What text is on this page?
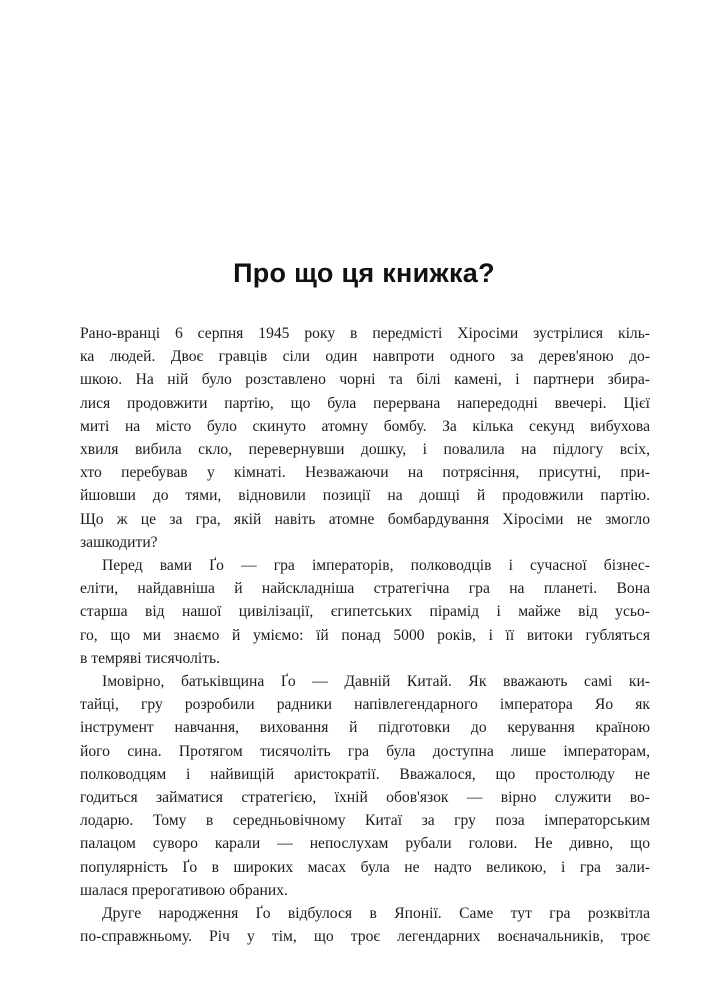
Про що ця книжка?

Рано-вранці 6 серпня 1945 року в передмісті Хіросіми зустрілися кіль-
ка людей. Двоє гравців сіли один навпроти одного за дерев'яною до-
шкою. На ній було розставлено чорні та білі камені, і партнери збира-
лися продовжити партію, що була перервана напередодні ввечері. Цієї
миті на місто було скинуто атомну бомбу. За кілька секунд вибухова
хвиля вибила скло, перевернувши дошку, і повалила на підлогу всіх,
хто перебував у кімнаті. Незважаючи на потрясіння, присутні, при-
йшовши до тями, відновили позиції на дошці й продовжили партію.
Що ж це за гра, якій навіть атомне бомбардування Хіросіми не змогло
зашкодити?

Перед вами Ґо — гра імператорів, полководців і сучасної бізнес-
еліти, найдавніша й найскладніша стратегічна гра на планеті. Вона
старша від нашої цивілізації, єгипетських пірамід і майже від усьо-
го, що ми знаємо й уміємо: їй понад 5000 років, і її витоки губляться
в темряві тисячоліть.

Імовірно, батьківщина Ґо — Давній Китай. Як вважають самі ки-
тайці, гру розробили радники напівлегендарного імператора Яо як
інструмент навчання, виховання й підготовки до керування країною
його сина. Протягом тисячоліть гра була доступна лише імператорам,
полководцям і найвищій аристократії. Вважалося, що простолюду не
годиться займатися стратегією, їхній обов'язок — вірно служити во-
лодарю. Тому в середньовічному Китаї за гру поза імператорським
палацом суворо карали — непослухам рубали голови. Не дивно, що
популярність Ґо в широких масах була не надто великою, і гра зали-
шалася прерогативою обраних.

Друге народження Ґо відбулося в Японії. Саме тут гра розквітла
по-справжньому. Річ у тім, що троє легендарних воєначальників, троє
